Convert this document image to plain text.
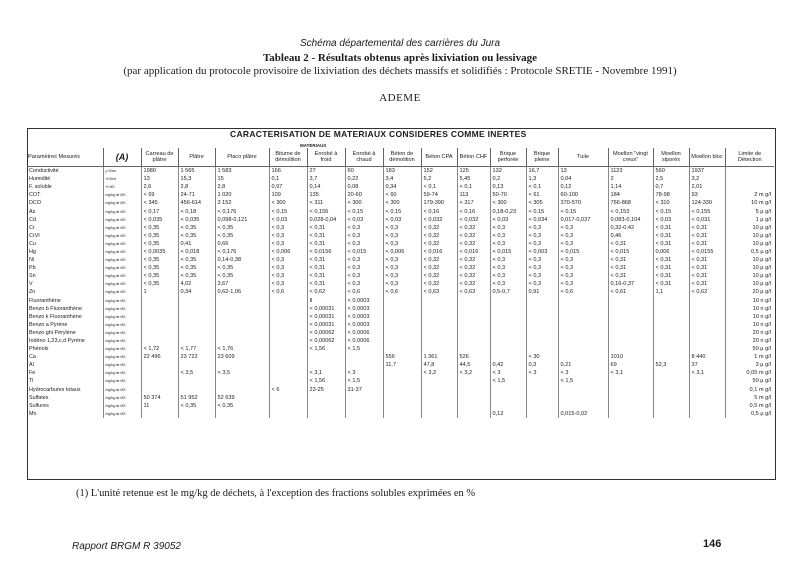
Schéma départemental des carrières du Jura
Tableau 2 - Résultats obtenus après lixiviation ou lessivage
(par application du protocole provisoire de lixiviation des déchets massifs et solidifiés : Protocole SRETIE - Novembre 1991)
ADEME
CARACTERISATION DE MATERIAUX CONSIDERES COMME INERTES
Paramètres Mesurés	(A)	Carreau de plâtre	Plâtre	Placo plâtre	Bitume de démolition	Enrobé à froid	Enrobé à chaud	Béton de démolition	Béton CPA	Béton CHF	Brique perforée	Brique pleine	Tuile	Moellon "vingt creux"	Moellon siporéx	Moellon bloc	Limite de Détection
Conductivité	µ S/cm	1980	1 565	1 583	166	27	60	183	152	125	132	16,7	13	1123	560	1937	
Humidité	% Brut	13	15,3	15	0,1	3,7	0,22	3,4	5,2	5,45	0,2	1,3	0,04	2	2,5	3,2	
F. soluble	% MS	2,6	2,8	2,8	0,97	0,14	0,08	0,34	< 0,1	< 0,1	0,13	< 0,1	0,12	1,14	0,7	2,01	
COT	mg/kg de MS	< 69	24-71	1 020	109	135	20-60	< 60	59-74	113	50-70	< 61	60-100	184	78-98	93	2 m g/l
DCO	mg/kg de MS	< 345	456-614	3 152	< 300	< 311	< 300	< 300	179-390	< 317	< 300	< 305	370-570	766-868	< 310	124-330	10 m g/l
As	mg/kg de MS	< 0,17	< 0,18	< 0,176	< 0,15	< 0,156	< 0,15	< 0,15	< 0,16	< 0,16	0,18-0,23	< 0,15	< 0,15	< 0,153	< 0,15	< 0,155	5 µ g/l
Cd	mg/kg de MS	< 0,035	< 0,035	0,098-0,121	< 0,03	0,028-0,04	< 0,03	< 0,03	< 0,032	< 0,032	< 0,03	< 0,034	0,017-0,037	0,083-0,104	< 0,03	< 0,031	1 µ g/l
Cr	mg/kg de MS	< 0,35	< 0,35	< 0,35	< 0,3	< 0,31	< 0,3	< 0,3	< 0,32	< 0,32	< 0,3	< 0,3	< 0,3	0,32-0,42	< 0,31	< 0,31	10 µ g/l
CrVI	mg/kg de MS	< 0,35	< 0,35	< 0,35	< 0,3	< 0,31	< 0,3	< 0,3	< 0,32	< 0,32	< 0,3	< 0,3	< 0,3	0,46	< 0,31	< 0,31	10 µ g/l
Cu	mg/kg de MS	< 0,35	0,41	0,66	< 0,3	< 0,31	< 0,3	< 0,3	< 0,32	< 0,32	< 0,3	< 0,3	< 0,3	< 0,31	< 0,31	< 0,31	10 µ g/l
Hg	mg/kg de MS	< 0,0035	< 0,018	< 0,176	< 0,006	< 0,0156	< 0,015	< 0,006	< 0,016	< 0,016	< 0,015	< 0,003	< 0,015	< 0,015	0,006	< 0,0155	0,5 µ g/l
Ni	mg/kg de MS	< 0,35	< 0,35	0,14-0,38	< 0,3	< 0,31	< 0,3	< 0,3	< 0,32	< 0,32	< 0,3	< 0,3	< 0,3	< 0,31	< 0,31	< 0,31	10 µ g/l
Pb	mg/kg de MS	< 0,35	< 0,35	< 0,35	< 0,3	< 0,31	< 0,3	< 0,3	< 0,32	< 0,32	< 0,3	< 0,3	< 0,3	< 0,31	< 0,31	< 0,31	10 µ g/l
Sn	mg/kg de MS	< 0,35	< 0,35	< 0,35	< 0,3	< 0,31	< 0,3	< 0,3	< 0,32	< 0,32	< 0,3	< 0,3	< 0,3	< 0,31	< 0,31	< 0,31	10 µ g/l
V	mg/kg de MS	< 0,35	4,02	3,67	< 0,3	< 0,31	< 0,3	< 0,3	< 0,32	< 0,32	< 0,3	< 0,3	< 0,3	0,16-0,37	< 0,31	< 0,31	10 µ g/l
Zn	mg/kg de MS	1	0,34	0,62-1,06	< 0,6	< 0,62	< 0,6	< 0,6	< 0,63	< 0,63	0,5-0,7	0,91	< 0,6	< 0,61	1,1	< 0,62	20 µ g/l
Fluoranthène	mg/kg de MS					II	< 0,0003										10 n g/l
Benzo b Fluoranthène	mg/kg de MS					< 0,00031	< 0,0003										10 n g/l
Benzo k Fluoranthène	mg/kg de MS					< 0,00031	< 0,0003										10 n g/l
Benzo a Pyrène	mg/kg de MS					< 0,00031	< 0,0003										10 n g/l
Benzo ghi Pérylène	mg/kg de MS					< 0,00062	< 0,0006										20 n g/l
Indéno 1,23,c,d Pyrène	mg/kg de MS					< 0,00062	< 0,0006										20 n g/l
Phénols	mg/kg de MS	< 1,72	< 1,77	< 1,76		< 1,56	< 1,5										50 µ g/l
Ca	mg/kg de MS	22 496	23 722	23 609				556	1 361	526		< 30		1010		8 440	1 m g/l
Al	mg/kg de MS							11,7	47,8	44,5	0,42	0,3	0,21	69	52,3	37	3 µ g/l
Fe	mg/kg de MS		< 3,5	< 3,5		< 3,1	< 3		< 3,2	< 3,2	< 3	< 3	< 3	< 3,1		< 3,1	0,05 m g/l
Ti	mg/kg de MS					< 1,56	< 1,5				< 1,5		< 1,5				50 µ g/l
Hydrocarbures totaux	mg/kg de MS				< 6	23-25	31-37										0,1 m g/l
Sulfates	mg/kg de MS	50 374	51 952	52 639													5 m g/l
Sulfures	mg/kg de MS	11	< 0,35	< 0,35													0,5 m g/l
Mn	mg/kg de MS										0,12		0,015-0,02				0,5 µ g/l
MATERIAUX
(1) L'unité retenue est le mg/kg de déchets, à l'exception des fractions solubles exprimées en %
Rapport BRGM R 39052	146
